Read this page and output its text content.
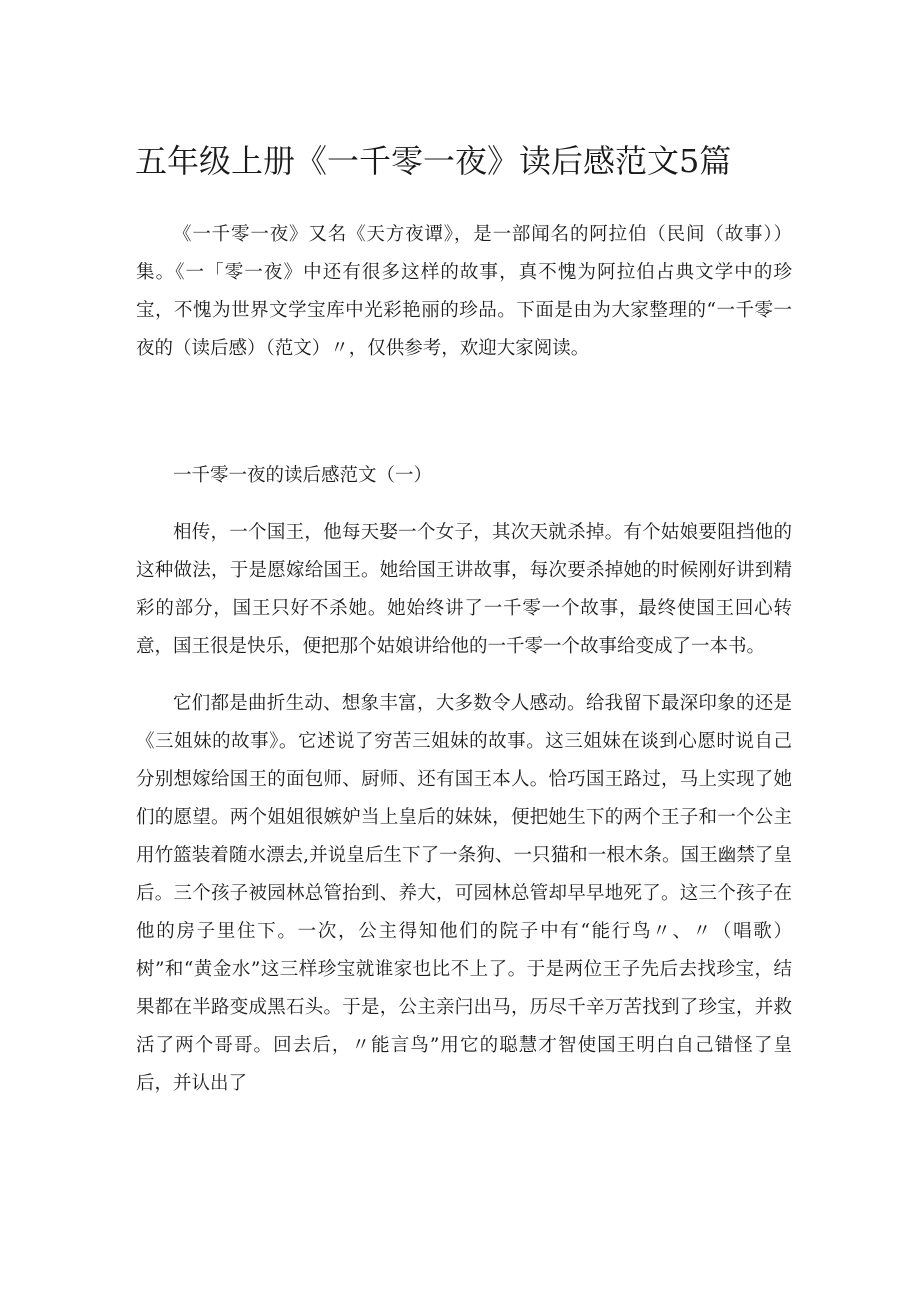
五年级上册《一千零一夜》读后感范文5篇

《一千零一夜》又名《天方夜谭》，是一部闻名的阿拉伯（民间（故事））集。《一「零一夜》中还有很多这样的故事，真不愧为阿拉伯占典文学中的珍宝，不愧为世界文学宝库中光彩艳丽的珍品。下面是由为大家整理的“一千零一夜的（读后感）（范文）〃，仅供参考，欢迎大家阅读。

一千零一夜的读后感范文（一）

相传，一个国王，他每天娶一个女子，其次天就杀掉。有个姑娘要阻挡他的这种做法，于是愿嫁给国王。她给国王讲故事，每次要杀掉她的时候刚好讲到精彩的部分，国王只好不杀她。她始终讲了一千零一个故事，最终使国王回心转意，国王很是快乐，便把那个姑娘讲给他的一千零一个故事给变成了一本书。

它们都是曲折生动、想象丰富，大多数令人感动。给我留下最深印象的还是《三姐妹的故事》。它述说了穷苦三姐妹的故事。这三姐妹在谈到心愿时说自己分别想嫁给国王的面包师、厨师、还有国王本人。恰巧国王路过，马上实现了她们的愿望。两个姐姐很嫉妒当上皇后的妹妹，便把她生下的两个王子和一个公主用竹篮装着随水漂去,并说皇后生下了一条狗、一只猫和一根木条。国王幽禁了皇后。三个孩子被园林总管抬到、养大，可园林总管却早早地死了。这三个孩子在他的房子里住下。一次，公主得知他们的院子中有“能行鸟〃、〃（唱歌）树”和“黄金水”这三样珍宝就谁家也比不上了。于是两位王子先后去找珍宝，结果都在半路变成黑石头。于是，公主亲闩出马，历尽千辛万苦找到了珍宝，并救活了两个哥哥。回去后，〃能言鸟”用它的聪慧才智使国王明白自己错怪了皇后，并认出了
